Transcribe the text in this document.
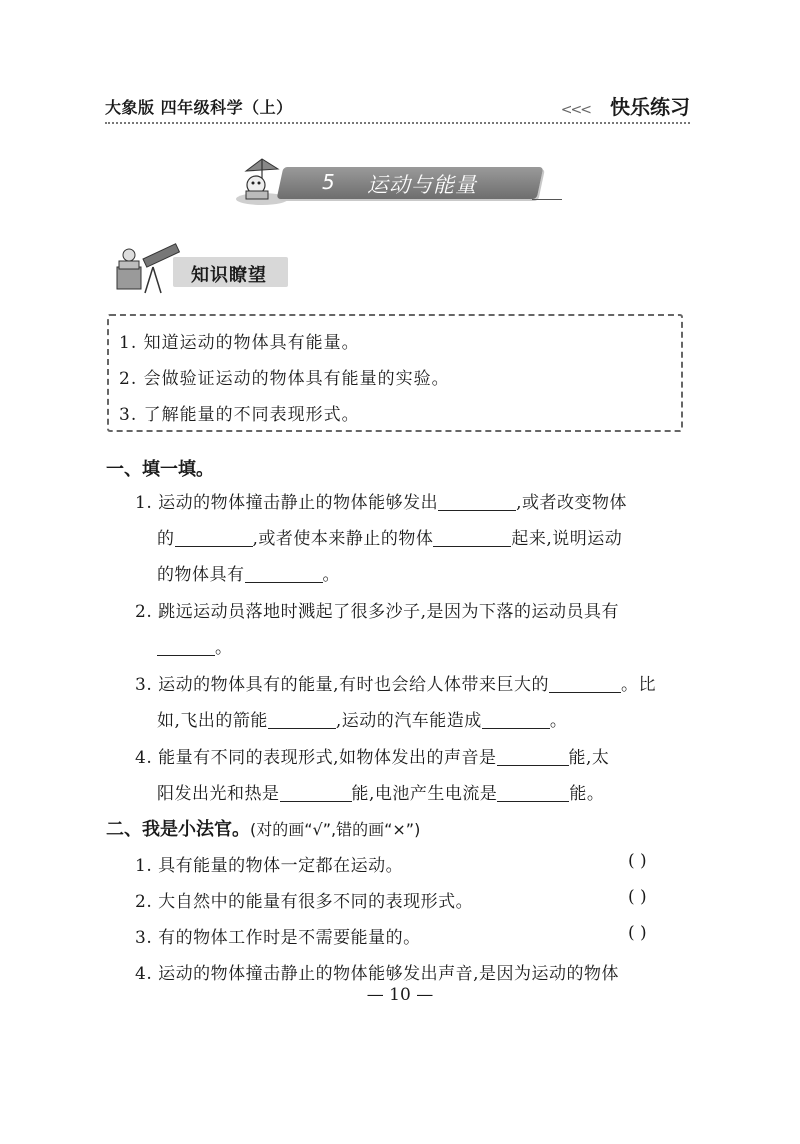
大象版 四年级科学（上）	<<< 快乐练习
5 运动与能量
知识瞭望
1. 知道运动的物体具有能量。
2. 会做验证运动的物体具有能量的实验。
3. 了解能量的不同表现形式。
一、填一填。
1. 运动的物体撞击静止的物体能够发出	,或者改变物体
的	,或者使本来静止的物体	起来,说明运动
的物体具有	。
2. 跳远运动员落地时溅起了很多沙子,是因为下落的运动员具有
。
3. 运动的物体具有的能量,有时也会给人体带来巨大的	。比
如,飞出的箭能	,运动的汽车能造成	。
4. 能量有不同的表现形式,如物体发出的声音是	能,太
阳发出光和热是	能,电池产生电流是	能。
二、我是小法官。(对的画“√”,错的画“×”)
1. 具有能量的物体一定都在运动。	( )
2. 大自然中的能量有很多不同的表现形式。	( )
3. 有的物体工作时是不需要能量的。	( )
4. 运动的物体撞击静止的物体能够发出声音,是因为运动的物体
— 10 —
